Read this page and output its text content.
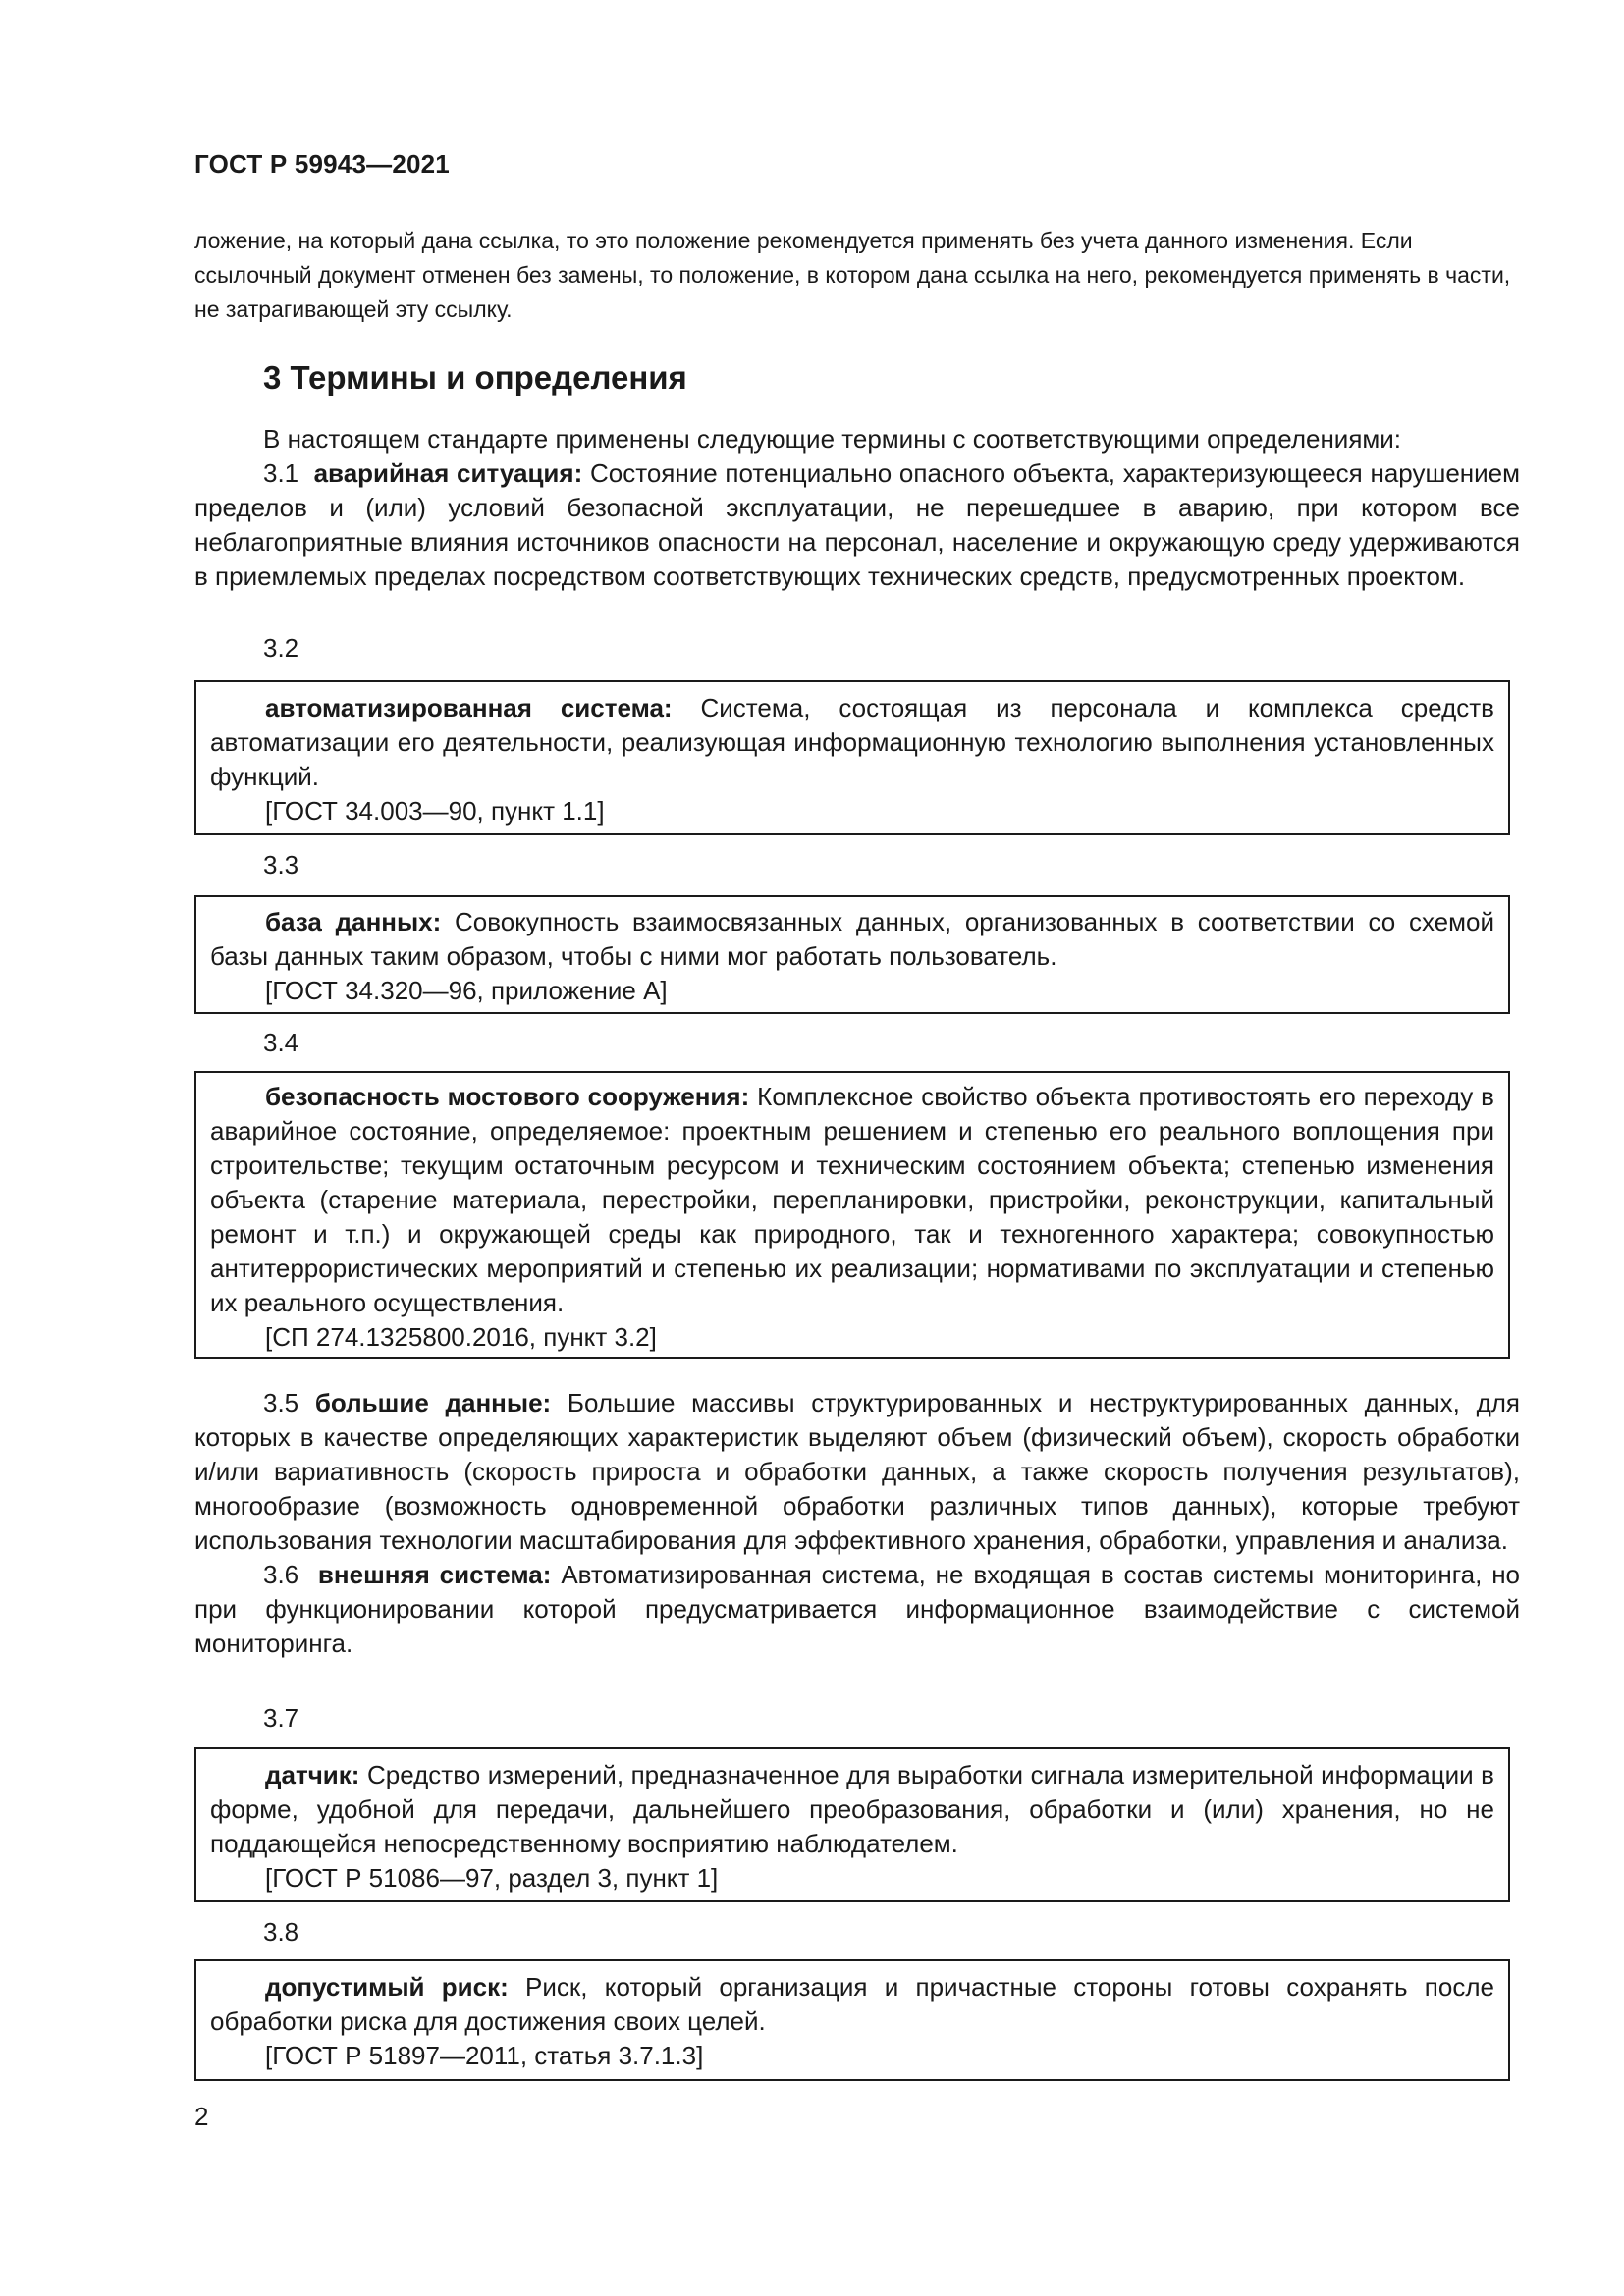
ГОСТ Р 59943—2021
ложение, на который дана ссылка, то это положение рекомендуется применять без учета данного изменения. Если ссылочный документ отменен без замены, то положение, в котором дана ссылка на него, рекомендуется применять в части, не затрагивающей эту ссылку.
3 Термины и определения

В настоящем стандарте применены следующие термины с соответствующими определениями:

3.1 аварийная ситуация: Состояние потенциально опасного объекта, характеризующееся нарушением пределов и (или) условий безопасной эксплуатации, не перешедшее в аварию, при котором все неблагоприятные влияния источников опасности на персонал, население и окружающую среду удерживаются в приемлемых пределах посредством соответствующих технических средств, предусмотренных проектом.

3.2

автоматизированная система: Система, состоящая из персонала и комплекса средств автоматизации его деятельности, реализующая информационную технологию выполнения установленных функций.

[ГОСТ 34.003—90, пункт 1.1]
3.3

база данных: Совокупность взаимосвязанных данных, организованных в соответствии со схемой базы данных таким образом, чтобы с ними мог работать пользователь.

[ГОСТ 34.320—96, приложение А]
3.4

безопасность мостового сооружения: Комплексное свойство объекта противостоять его переходу в аварийное состояние, определяемое: проектным решением и степенью его реального воплощения при строительстве; текущим остаточным ресурсом и техническим состоянием объекта; степенью изменения объекта (старение материала, перестройки, перепланировки, пристройки, реконструкции, капитальный ремонт и т.п.) и окружающей среды как природного, так и техногенного характера; совокупностью антитеррористических мероприятий и степенью их реализации; нормативами по эксплуатации и степенью их реального осуществления.

[СП 274.1325800.2016, пункт 3.2]

3.5 большие данные: Большие массивы структурированных и неструктурированных данных, для которых в качестве определяющих характеристик выделяют объем (физический объем), скорость обработки и/или вариативность (скорость прироста и обработки данных, а также скорость получения результатов), многообразие (возможность одновременной обработки различных типов данных), которые требуют использования технологии масштабирования для эффективного хранения, обработки, управления и анализа.

3.6 внешняя система: Автоматизированная система, не входящая в состав системы мониторинга, но при функционировании которой предусматривается информационное взаимодействие с системой мониторинга.

3.7

датчик: Средство измерений, предназначенное для выработки сигнала измерительной информации в форме, удобной для передачи, дальнейшего преобразования, обработки и (или) хранения, но не поддающейся непосредственному восприятию наблюдателем.

[ГОСТ Р 51086—97, раздел 3, пункт 1]
3.8

допустимый риск: Риск, который организация и причастные стороны готовы сохранять после обработки риска для достижения своих целей.

[ГОСТ Р 51897—2011, статья 3.7.1.3]
2
